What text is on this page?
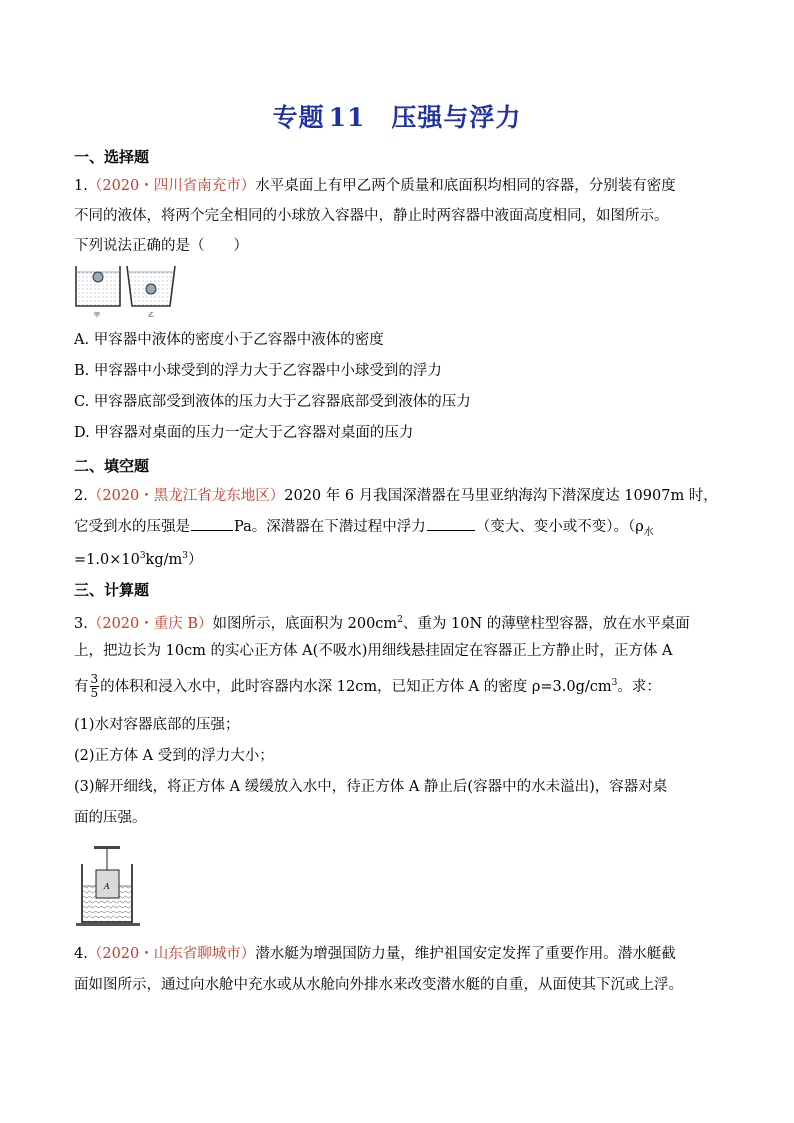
专题 11 压强与浮力
一、选择题
1.（2020・四川省南充市）水平桌面上有甲乙两个质量和底面积均相同的容器，分别装有密度
不同的液体，将两个完全相同的小球放入容器中，静止时两容器中液面高度相同，如图所示。
下列说法正确的是（　　）
甲	乙
A. 甲容器中液体的密度小于乙容器中液体的密度
B. 甲容器中小球受到的浮力大于乙容器中小球受到的浮力
C. 甲容器底部受到液体的压力大于乙容器底部受到液体的压力
D. 甲容器对桌面的压力一定大于乙容器对桌面的压力
二、填空题
2.（2020・黑龙江省龙东地区）2020 年 6 月我国深潜器在马里亚纳海沟下潜深度达 10907m 时，
它受到水的压强是	Pa。深潜器在下潜过程中浮力	（变大、变小或不变）。（$\rho_水$
$=1.0\times 10^3kg/m^3$）
三、计算题
3.（2020・重庆 B）如图所示，底面积为 $200cm^2$、重为 10N 的薄壁柱型容器，放在水平桌面
上，把边长为 10cm 的实心正方体 A(不吸水)用细线悬挂固定在容器正上方静止时，正方体 A
有 $\frac{3}{5}$ 的体积和浸入水中，此时容器内水深 12cm，已知正方体 A 的密度 $\rho=3.0g/cm^3$。求：
(1)水对容器底部的压强；
(2)正方体 A 受到的浮力大小；
(3)解开细线，将正方体 A 缓缓放入水中，待正方体 A 静止后(容器中的水未溢出)，容器对桌
面的压强。
A
4.（2020・山东省聊城市）潜水艇为增强国防力量，维护祖国安定发挥了重要作用。潜水艇截
面如图所示，通过向水舱中充水或从水舱向外排水来改变潜水艇的自重，从面使其下沉或上浮。
